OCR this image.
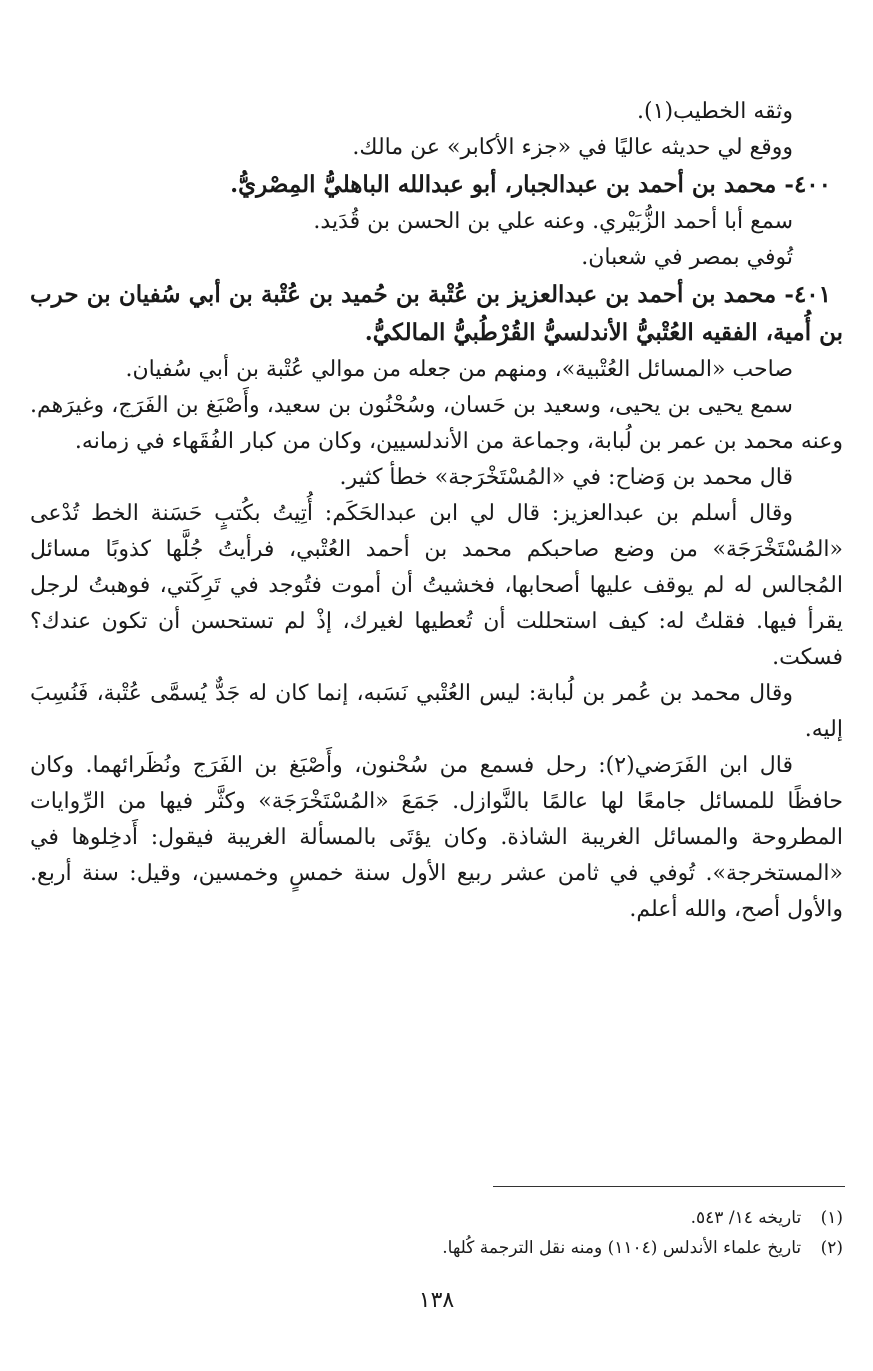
وثقه الخطيب(١).

ووقع لي حديثه عاليًا في «جزء الأكابر» عن مالك.

٤٠٠- محمد بن أحمد بن عبدالجبار، أبو عبدالله الباهليُّ المِصْريُّ.

سمع أبا أحمد الزُّبَيْري. وعنه علي بن الحسن بن قُدَيد.

تُوفي بمصر في شعبان.

٤٠١- محمد بن أحمد بن عبدالعزيز بن عُتْبة بن حُميد بن عُتْبة بن أبي سُفيان بن حرب بن أُمية، الفقيه العُتْبيُّ الأندلسيُّ القُرْطُبيُّ المالكيُّ.

صاحب «المسائل العُتْبية»، ومنهم من جعله من موالي عُتْبة بن أبي سُفيان.

سمع يحيى بن يحيى، وسعيد بن حَسان، وسُحْنُون بن سعيد، وأَصْبَغ بن الفَرَج، وغيرَهم. وعنه محمد بن عمر بن لُبابة، وجماعة من الأندلسيين، وكان من كبار الفُقَهاء في زمانه.

قال محمد بن وَضاح: في «المُسْتَخْرَجة» خطأ كثير.

وقال أسلم بن عبدالعزيز: قال لي ابن عبدالحَكَم: أُتِيتُ بكُتبٍ حَسَنة الخط تُدْعى «المُسْتَخْرَجَة» من وضع صاحبكم محمد بن أحمد العُتْبي، فرأيتُ جُلَّها كذوبًا مسائل المُجالس له لم يوقف عليها أصحابها، فخشيتُ أن أموت فتُوجد في تَرِكَتي، فوهبتُ لرجل يقرأ فيها. فقلتُ له: كيف استحللت أن تُعطيها لغيرك، إذْ لم تستحسن أن تكون عندك؟ فسكت.

وقال محمد بن عُمر بن لُبابة: ليس العُتْبي نَسَبه، إنما كان له جَدٌّ يُسمَّى عُتْبة، فَنُسِبَ إليه.

قال ابن الفَرَضي(٢): رحل فسمع من سُحْنون، وأَصْبَغ بن الفَرَج ونُظَرائهما. وكان حافظًا للمسائل جامعًا لها عالمًا بالنَّوازل. جَمَعَ «المُسْتَخْرَجَة» وكثَّر فيها من الرِّوايات المطروحة والمسائل الغريبة الشاذة. وكان يؤتَى بالمسألة الغريبة فيقول: أَدخِلوها في «المستخرجة». تُوفي في ثامن عشر ربيع الأول سنة خمسٍ وخمسين، وقيل: سنة أربع. والأول أصح، والله أعلم.

(١) تاريخه ١٤/ ٥٤٣.

(٢) تاريخ علماء الأندلس (١١٠٤) ومنه نقل الترجمة كُلها.

١٣٨
